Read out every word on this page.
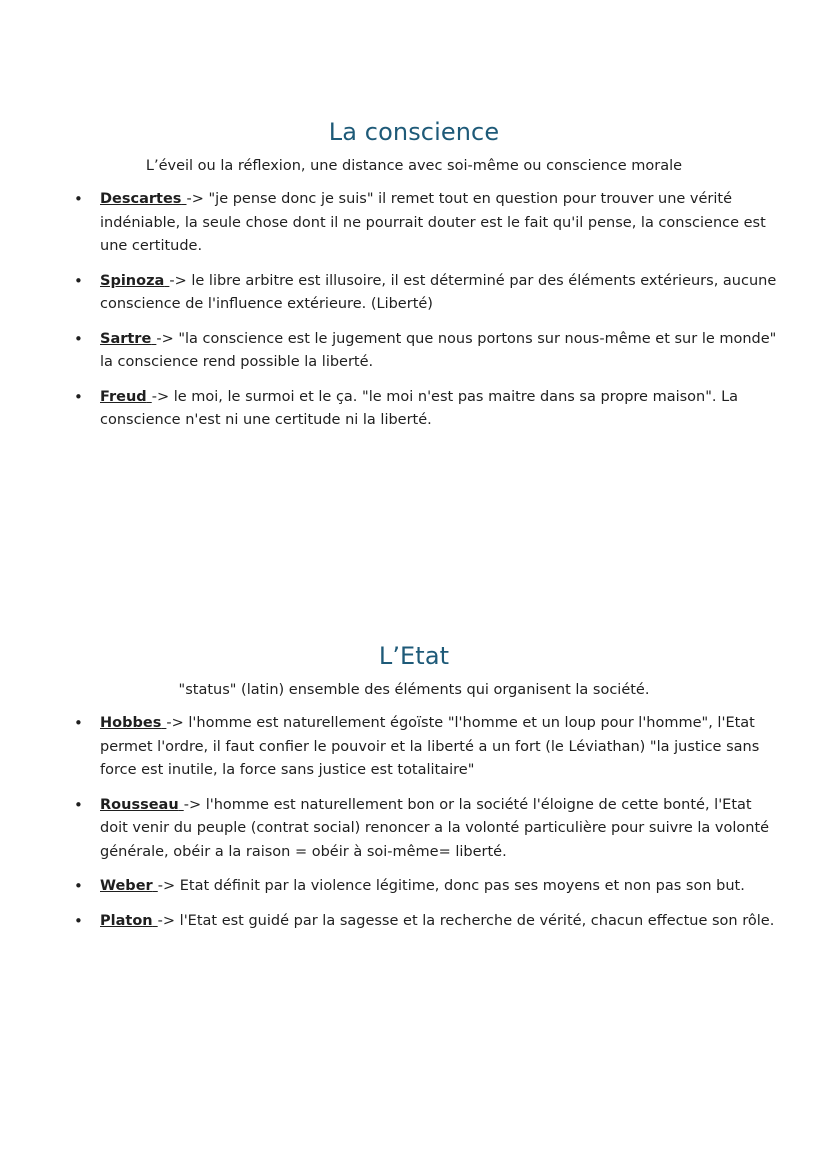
La conscience

L’éveil ou la réflexion, une distance avec soi-même ou conscience morale

• Descartes -> "je pense donc je suis" il remet tout en question pour trouver une vérité indéniable, la seule chose dont il ne pourrait douter est le fait qu'il pense, la conscience est une certitude.
• Spinoza -> le libre arbitre est illusoire, il est déterminé par des éléments extérieurs, aucune conscience de l'influence extérieure. (Liberté)
• Sartre -> "la conscience est le jugement que nous portons sur nous-même et sur le monde" la conscience rend possible la liberté.
• Freud -> le moi, le surmoi et le ça. "le moi n'est pas maitre dans sa propre maison". La conscience n'est ni une certitude ni la liberté.
L’Etat

"status" (latin) ensemble des éléments qui organisent la société.

• Hobbes -> l'homme est naturellement égoïste "l'homme et un loup pour l'homme", l'Etat permet l'ordre, il faut confier le pouvoir et la liberté a un fort (le Léviathan) "la justice sans force est inutile, la force sans justice est totalitaire"
• Rousseau -> l'homme est naturellement bon or la société l'éloigne de cette bonté, l'Etat doit venir du peuple (contrat social) renoncer a la volonté particulière pour suivre la volonté générale, obéir a la raison = obéir à soi-même= liberté.
• Weber -> Etat définit par la violence légitime, donc pas ses moyens et non pas son but.
• Platon -> l'Etat est guidé par la sagesse et la recherche de vérité, chacun effectue son rôle.
